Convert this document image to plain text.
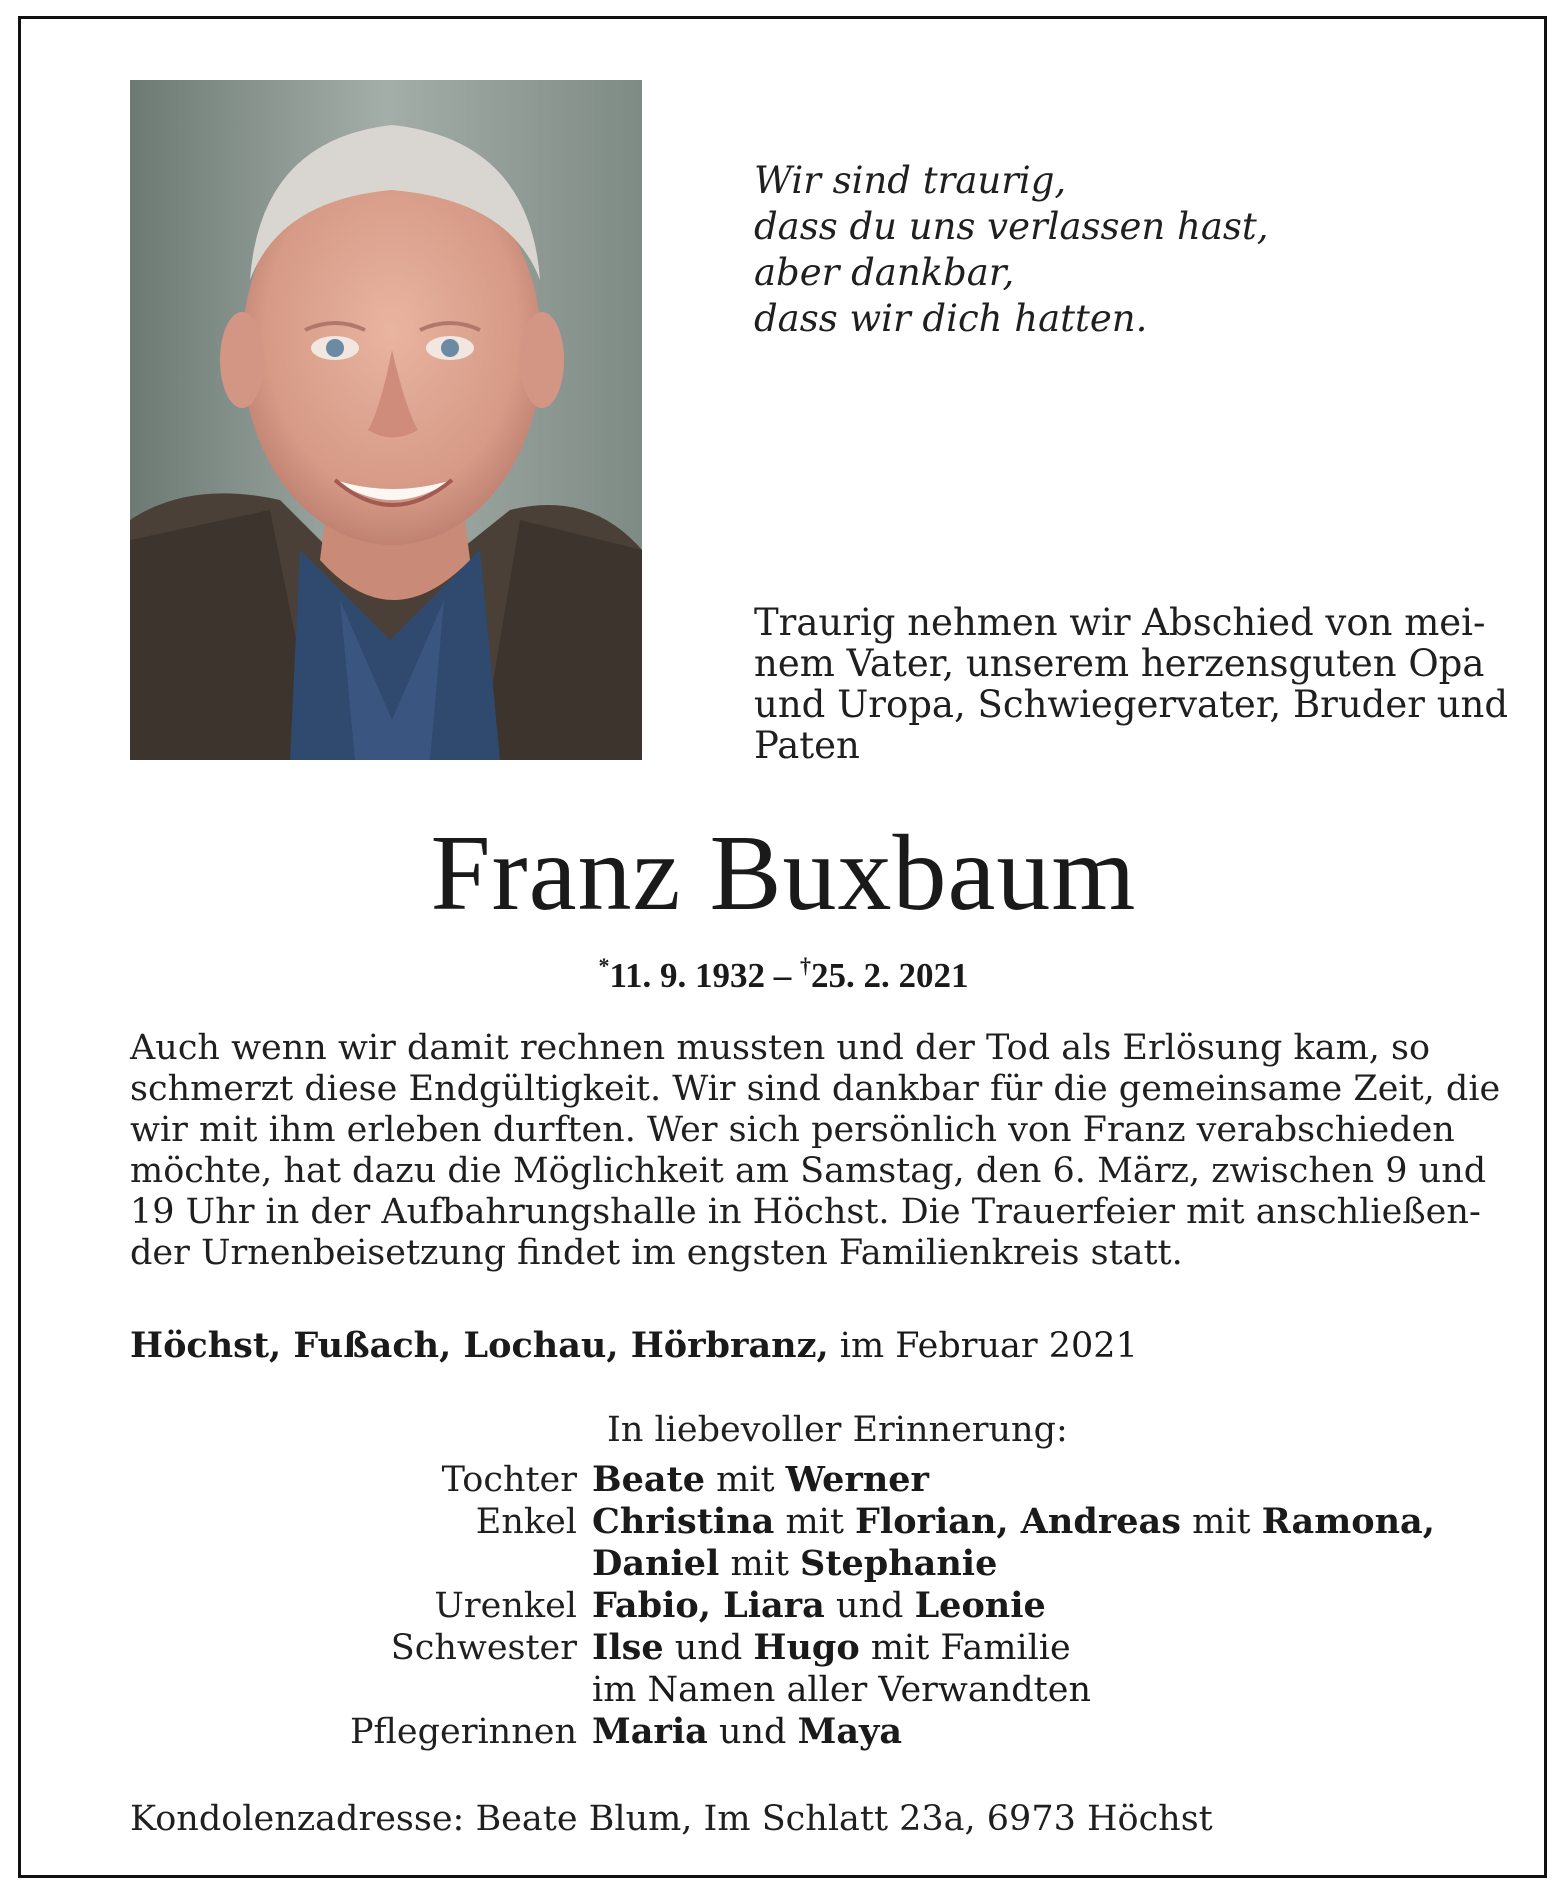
Wir sind traurig,
dass du uns verlassen hast,
aber dankbar,
dass wir dich hatten.
Traurig nehmen wir Abschied von mei-
nem Vater, unserem herzensguten Opa
und Uropa, Schwiegervater, Bruder und
Paten
Franz Buxbaum
*11. 9. 1932 – †25. 2. 2021
Auch wenn wir damit rechnen mussten und der Tod als Erlösung kam, so
schmerzt diese Endgültigkeit. Wir sind dankbar für die gemeinsame Zeit, die
wir mit ihm erleben durften. Wer sich persönlich von Franz verabschieden
möchte, hat dazu die Möglichkeit am Samstag, den 6. März, zwischen 9 und
19 Uhr in der Aufbahrungshalle in Höchst. Die Trauerfeier mit anschließen-
der Urnenbeisetzung findet im engsten Familienkreis statt.
Höchst, Fußach, Lochau, Hörbranz, im Februar 2021
In liebevoller Erinnerung:
Tochter Beate mit Werner
Enkel Christina mit Florian, Andreas mit Ramona,
Daniel mit Stephanie
Urenkel Fabio, Liara und Leonie
Schwester Ilse und Hugo mit Familie
im Namen aller Verwandten
Pflegerinnen Maria und Maya
Kondolenzadresse: Beate Blum, Im Schlatt 23a, 6973 Höchst
